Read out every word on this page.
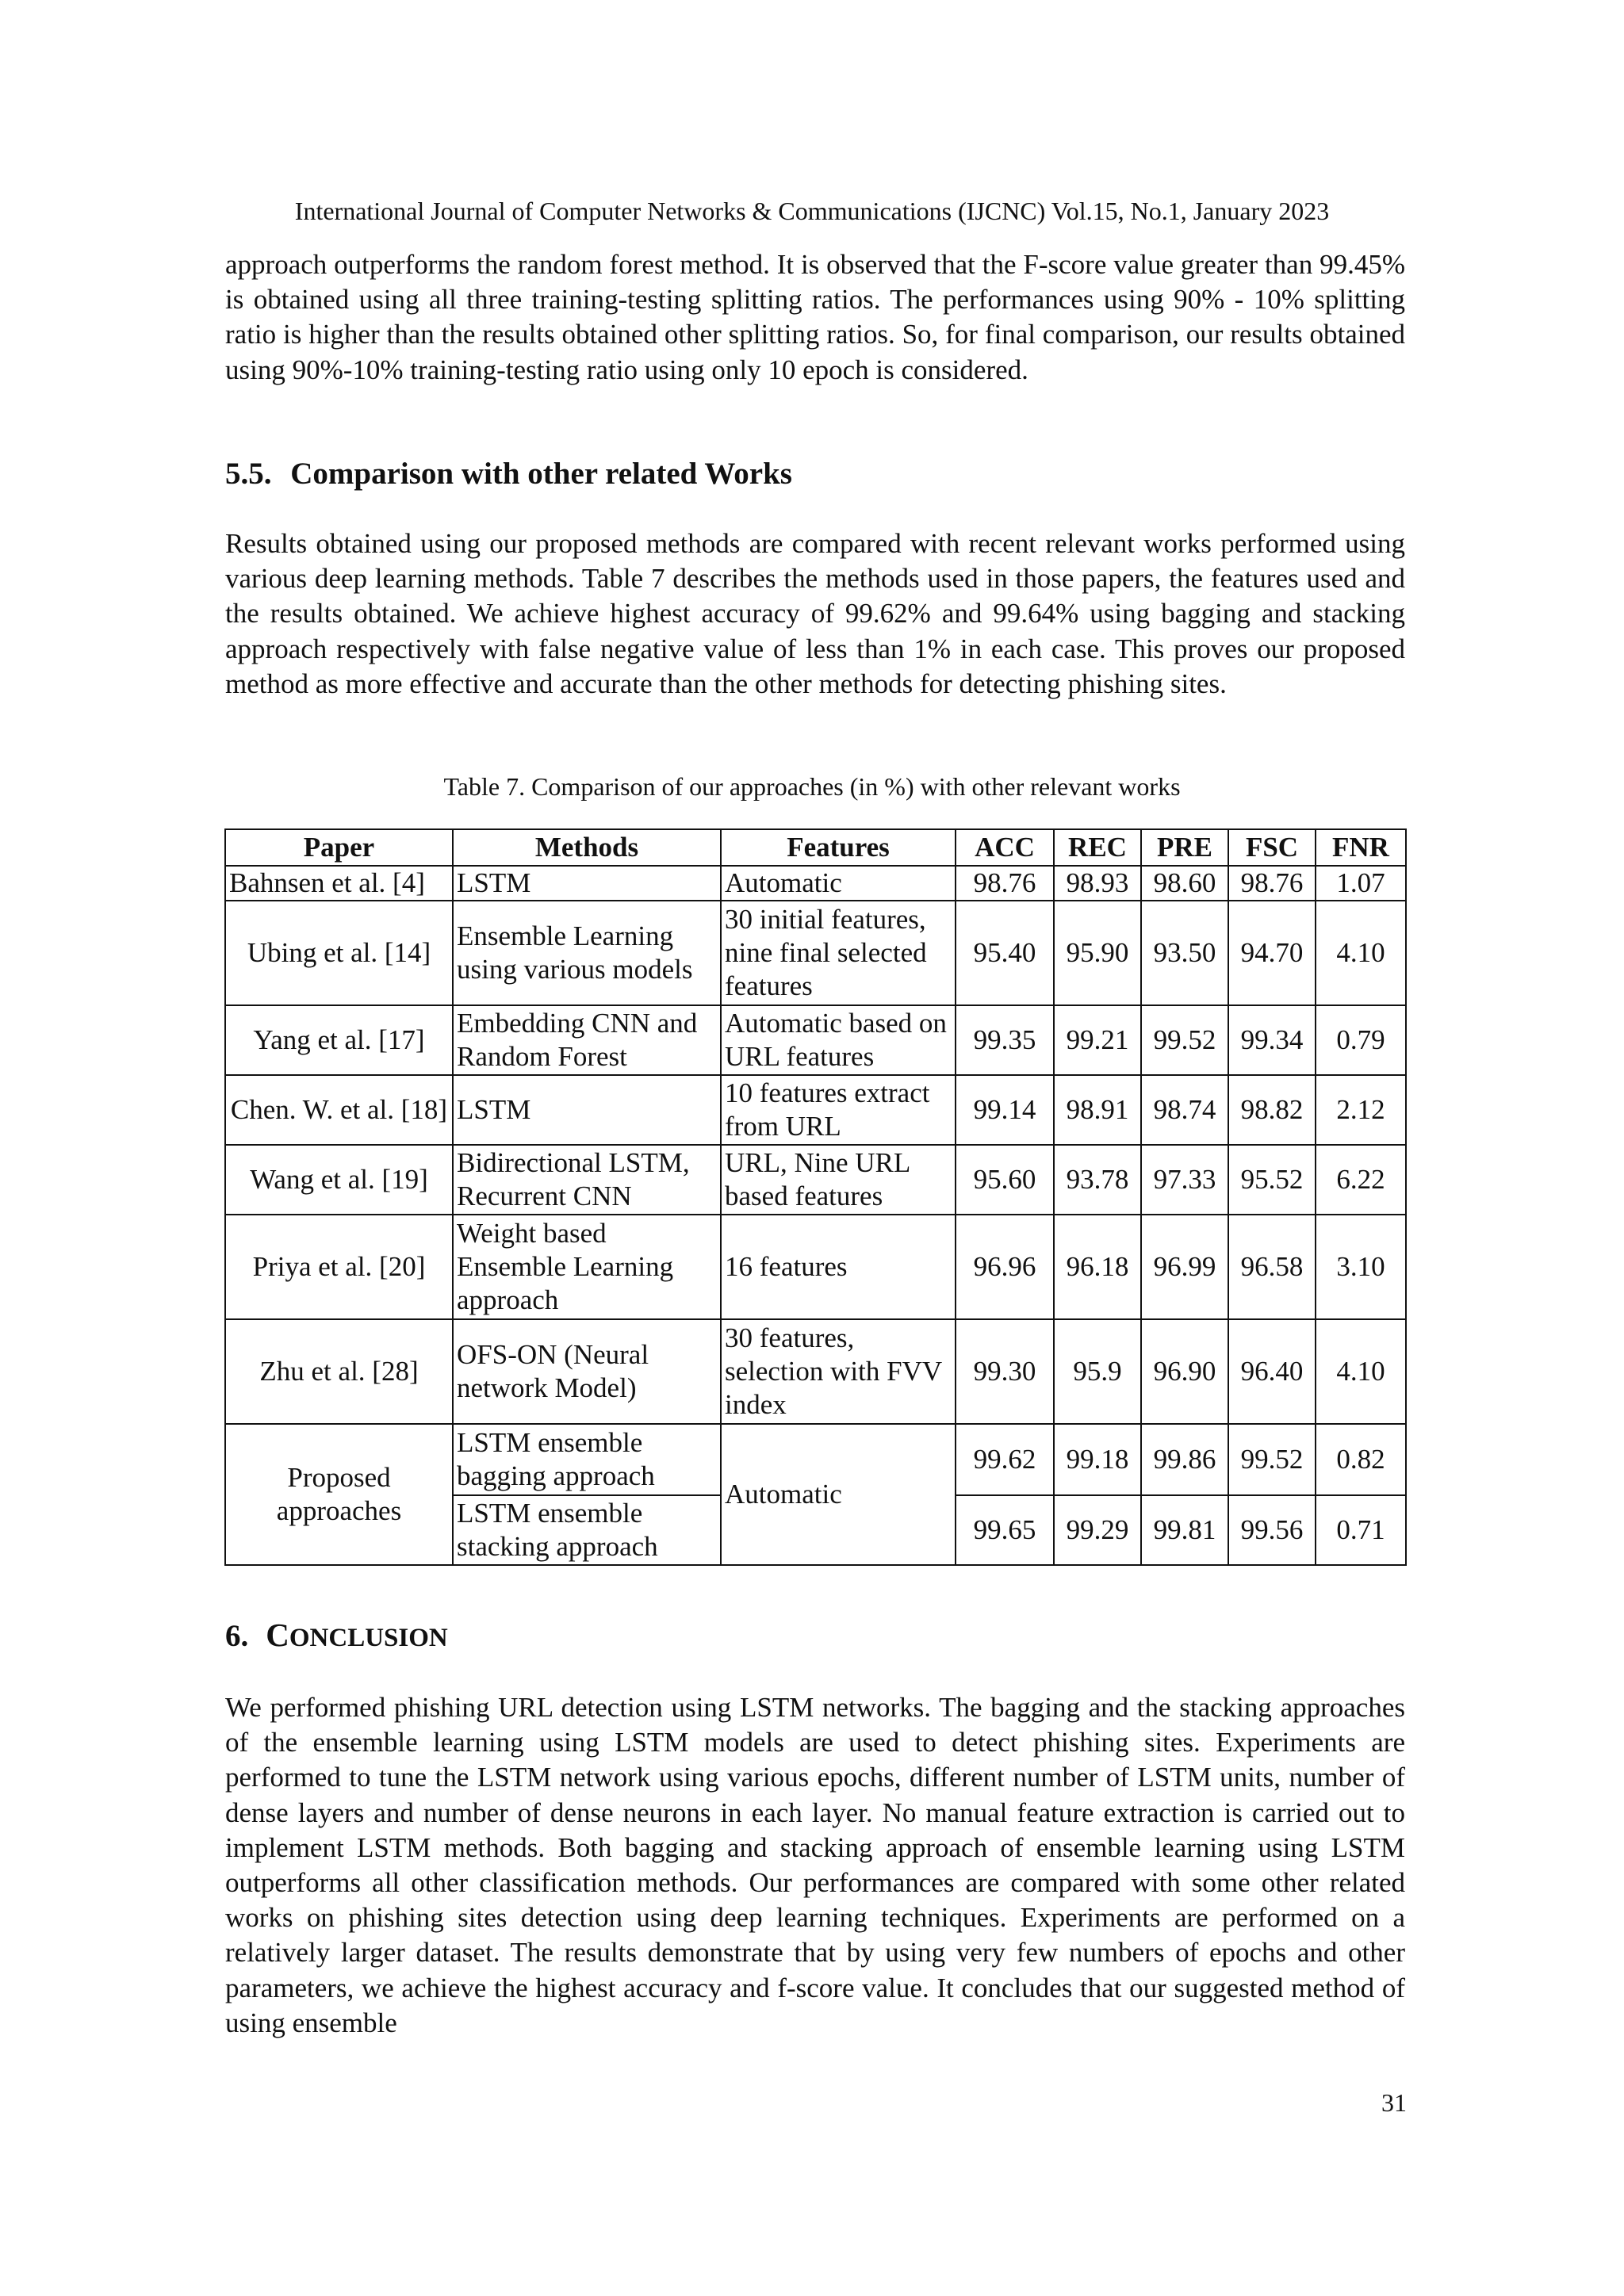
International Journal of Computer Networks & Communications (IJCNC) Vol.15, No.1, January 2023

approach outperforms the random forest method. It is observed that the F-score value greater than 99.45% is obtained using all three training-testing splitting ratios. The performances using 90% - 10% splitting ratio is higher than the results obtained other splitting ratios. So, for final comparison, our results obtained using 90%-10% training-testing ratio using only 10 epoch is considered.

5.5. Comparison with other related Works

Results obtained using our proposed methods are compared with recent relevant works performed using various deep learning methods. Table 7 describes the methods used in those papers, the features used and the results obtained. We achieve highest accuracy of 99.62% and 99.64% using bagging and stacking approach respectively with false negative value of less than 1% in each case. This proves our proposed method as more effective and accurate than the other methods for detecting phishing sites.

Table 7. Comparison of our approaches (in %) with other relevant works
Paper	Methods	Features	ACC	REC	PRE	FSC	FNR
Bahnsen et al. [4]	LSTM	Automatic	98.76	98.93	98.60	98.76	1.07
Ubing et al. [14]	Ensemble Learning using various models	30 initial features, nine final selected features	95.40	95.90	93.50	94.70	4.10
Yang et al. [17]	Embedding CNN and Random Forest	Automatic based on URL features	99.35	99.21	99.52	99.34	0.79
Chen. W. et al. [18]	LSTM	10 features extract from URL	99.14	98.91	98.74	98.82	2.12
Wang et al. [19]	Bidirectional LSTM, Recurrent CNN	URL, Nine URL based features	95.60	93.78	97.33	95.52	6.22
Priya et al. [20]	Weight based Ensemble Learning approach	16 features	96.96	96.18	96.99	96.58	3.10
Zhu et al. [28]	OFS-ON (Neural network Model)	30 features, selection with FVV index	99.30	95.9	96.90	96.40	4.10
Proposed approaches	LSTM ensemble bagging approach	Automatic	99.62	99.18	99.86	99.52	0.82
	LSTM ensemble stacking approach		99.65	99.29	99.81	99.56	0.71
6. CONCLUSION

We performed phishing URL detection using LSTM networks. The bagging and the stacking approaches of the ensemble learning using LSTM models are used to detect phishing sites. Experiments are performed to tune the LSTM network using various epochs, different number of LSTM units, number of dense layers and number of dense neurons in each layer. No manual feature extraction is carried out to implement LSTM methods. Both bagging and stacking approach of ensemble learning using LSTM outperforms all other classification methods. Our performances are compared with some other related works on phishing sites detection using deep learning techniques. Experiments are performed on a relatively larger dataset. The results demonstrate that by using very few numbers of epochs and other parameters, we achieve the highest accuracy and f-score value. It concludes that our suggested method of using ensemble

31
